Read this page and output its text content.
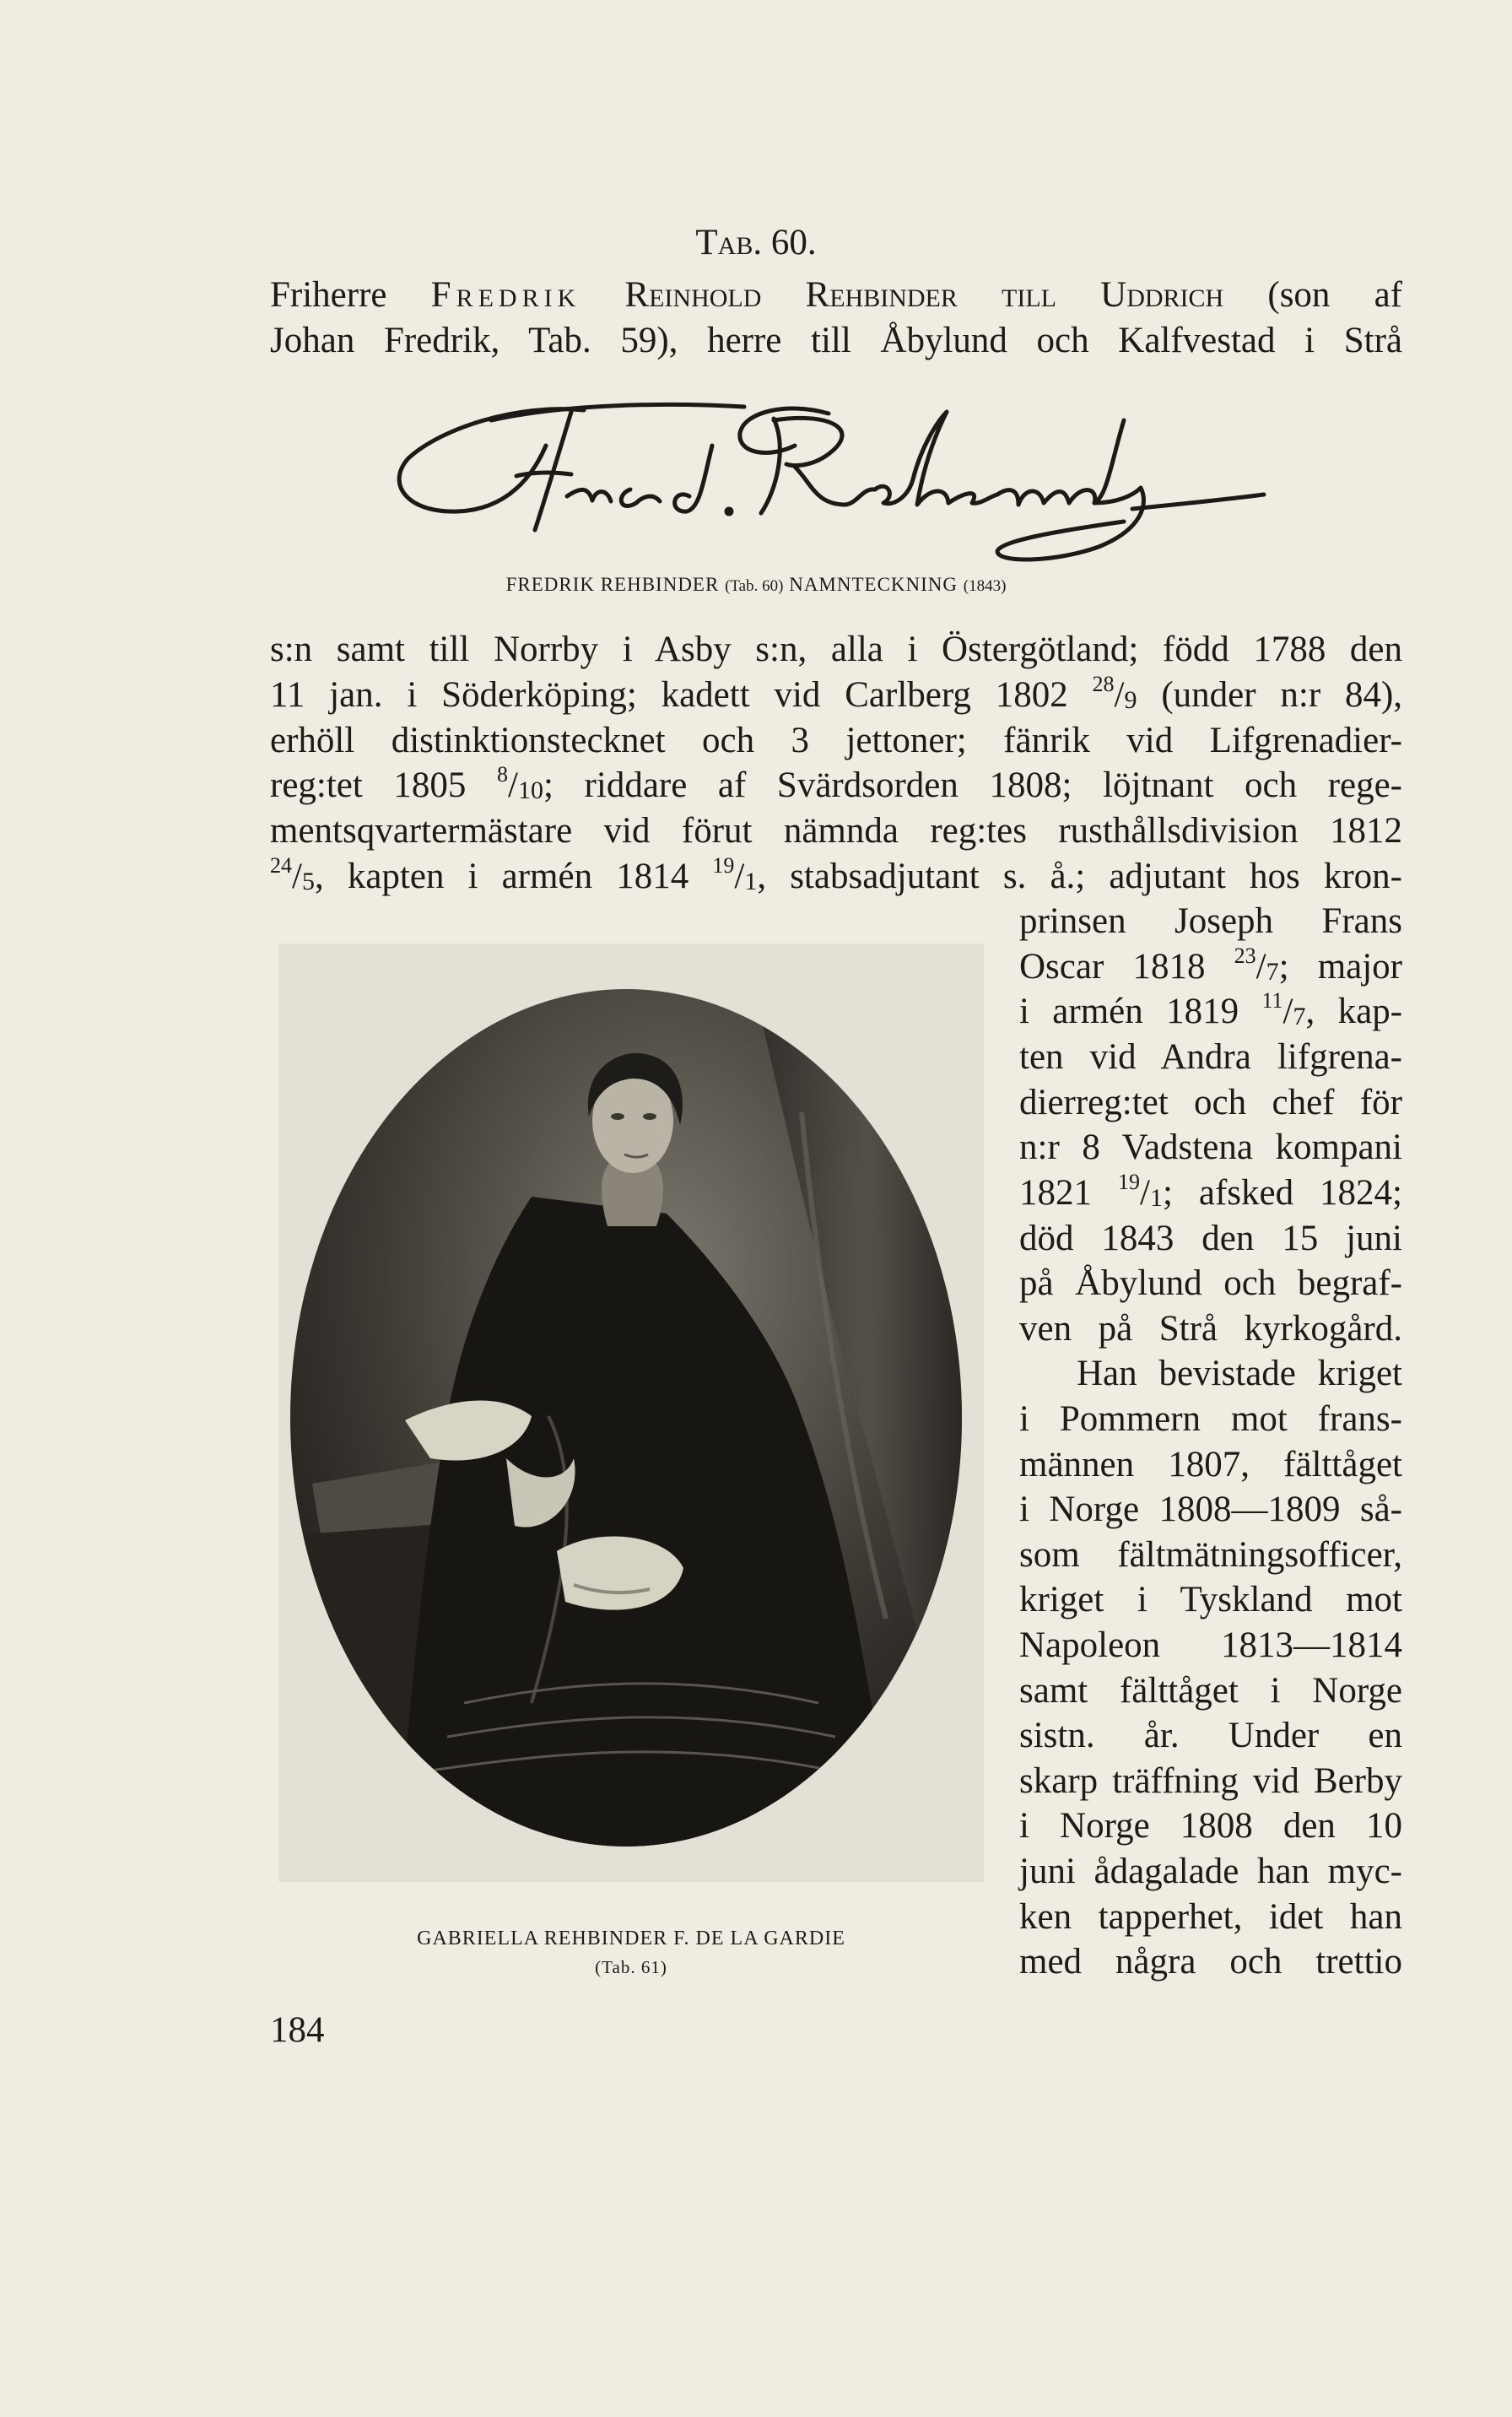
Tab. 60.
Friherre Fredrik Reinhold Rehbinder till Uddrich (son af
Johan Fredrik, Tab. 59), herre till Åbylund och Kalfvestad i Strå
FREDRIK REHBINDER (Tab. 60) NAMNTECKNING (1843)
s:n samt till Norrby i Asby s:n, alla i Östergötland; född 1788 den
11 jan. i Söderköping; kadett vid Carlberg 1802 $^{28}/_9$ (under n:r 84),
erhöll distinktionstecknet och 3 jettoner; fänrik vid Lifgrenadier-
reg:tet 1805 $^8/_{10}$; riddare af Svärdsorden 1808; löjtnant och rege-
mentsqvartermästare vid förut nämnda reg:tes rusthållsdivision 1812
$^{24}/_5$, kapten i armén 1814 $^{19}/_1$, stabsadjutant s. å.; adjutant hos kron-
prinsen Joseph Frans
Oscar 1818 $^{23}/_7$; major
i armén 1819 $^{11}/_7$, kap-
ten vid Andra lifgrena-
dierreg:tet och chef för
n:r 8 Vadstena kompani
1821 $^{19}/_1$; afsked 1824;
död 1843 den 15 juni
på Åbylund och begraf-
ven på Strå kyrkogård.
Han bevistade kriget
i Pommern mot frans-
männen 1807, fälttåget
i Norge 1808—1809 så-
som fältmätningsofficer,
kriget i Tyskland mot
Napoleon 1813—1814
samt fälttåget i Norge
sistn. år. Under en
skarp träffning vid Berby
i Norge 1808 den 10
juni ådagalade han myc-
ken tapperhet, idet han
med några och trettio
GABRIELLA REHBINDER F. DE LA GARDIE
(Tab. 61)
184
